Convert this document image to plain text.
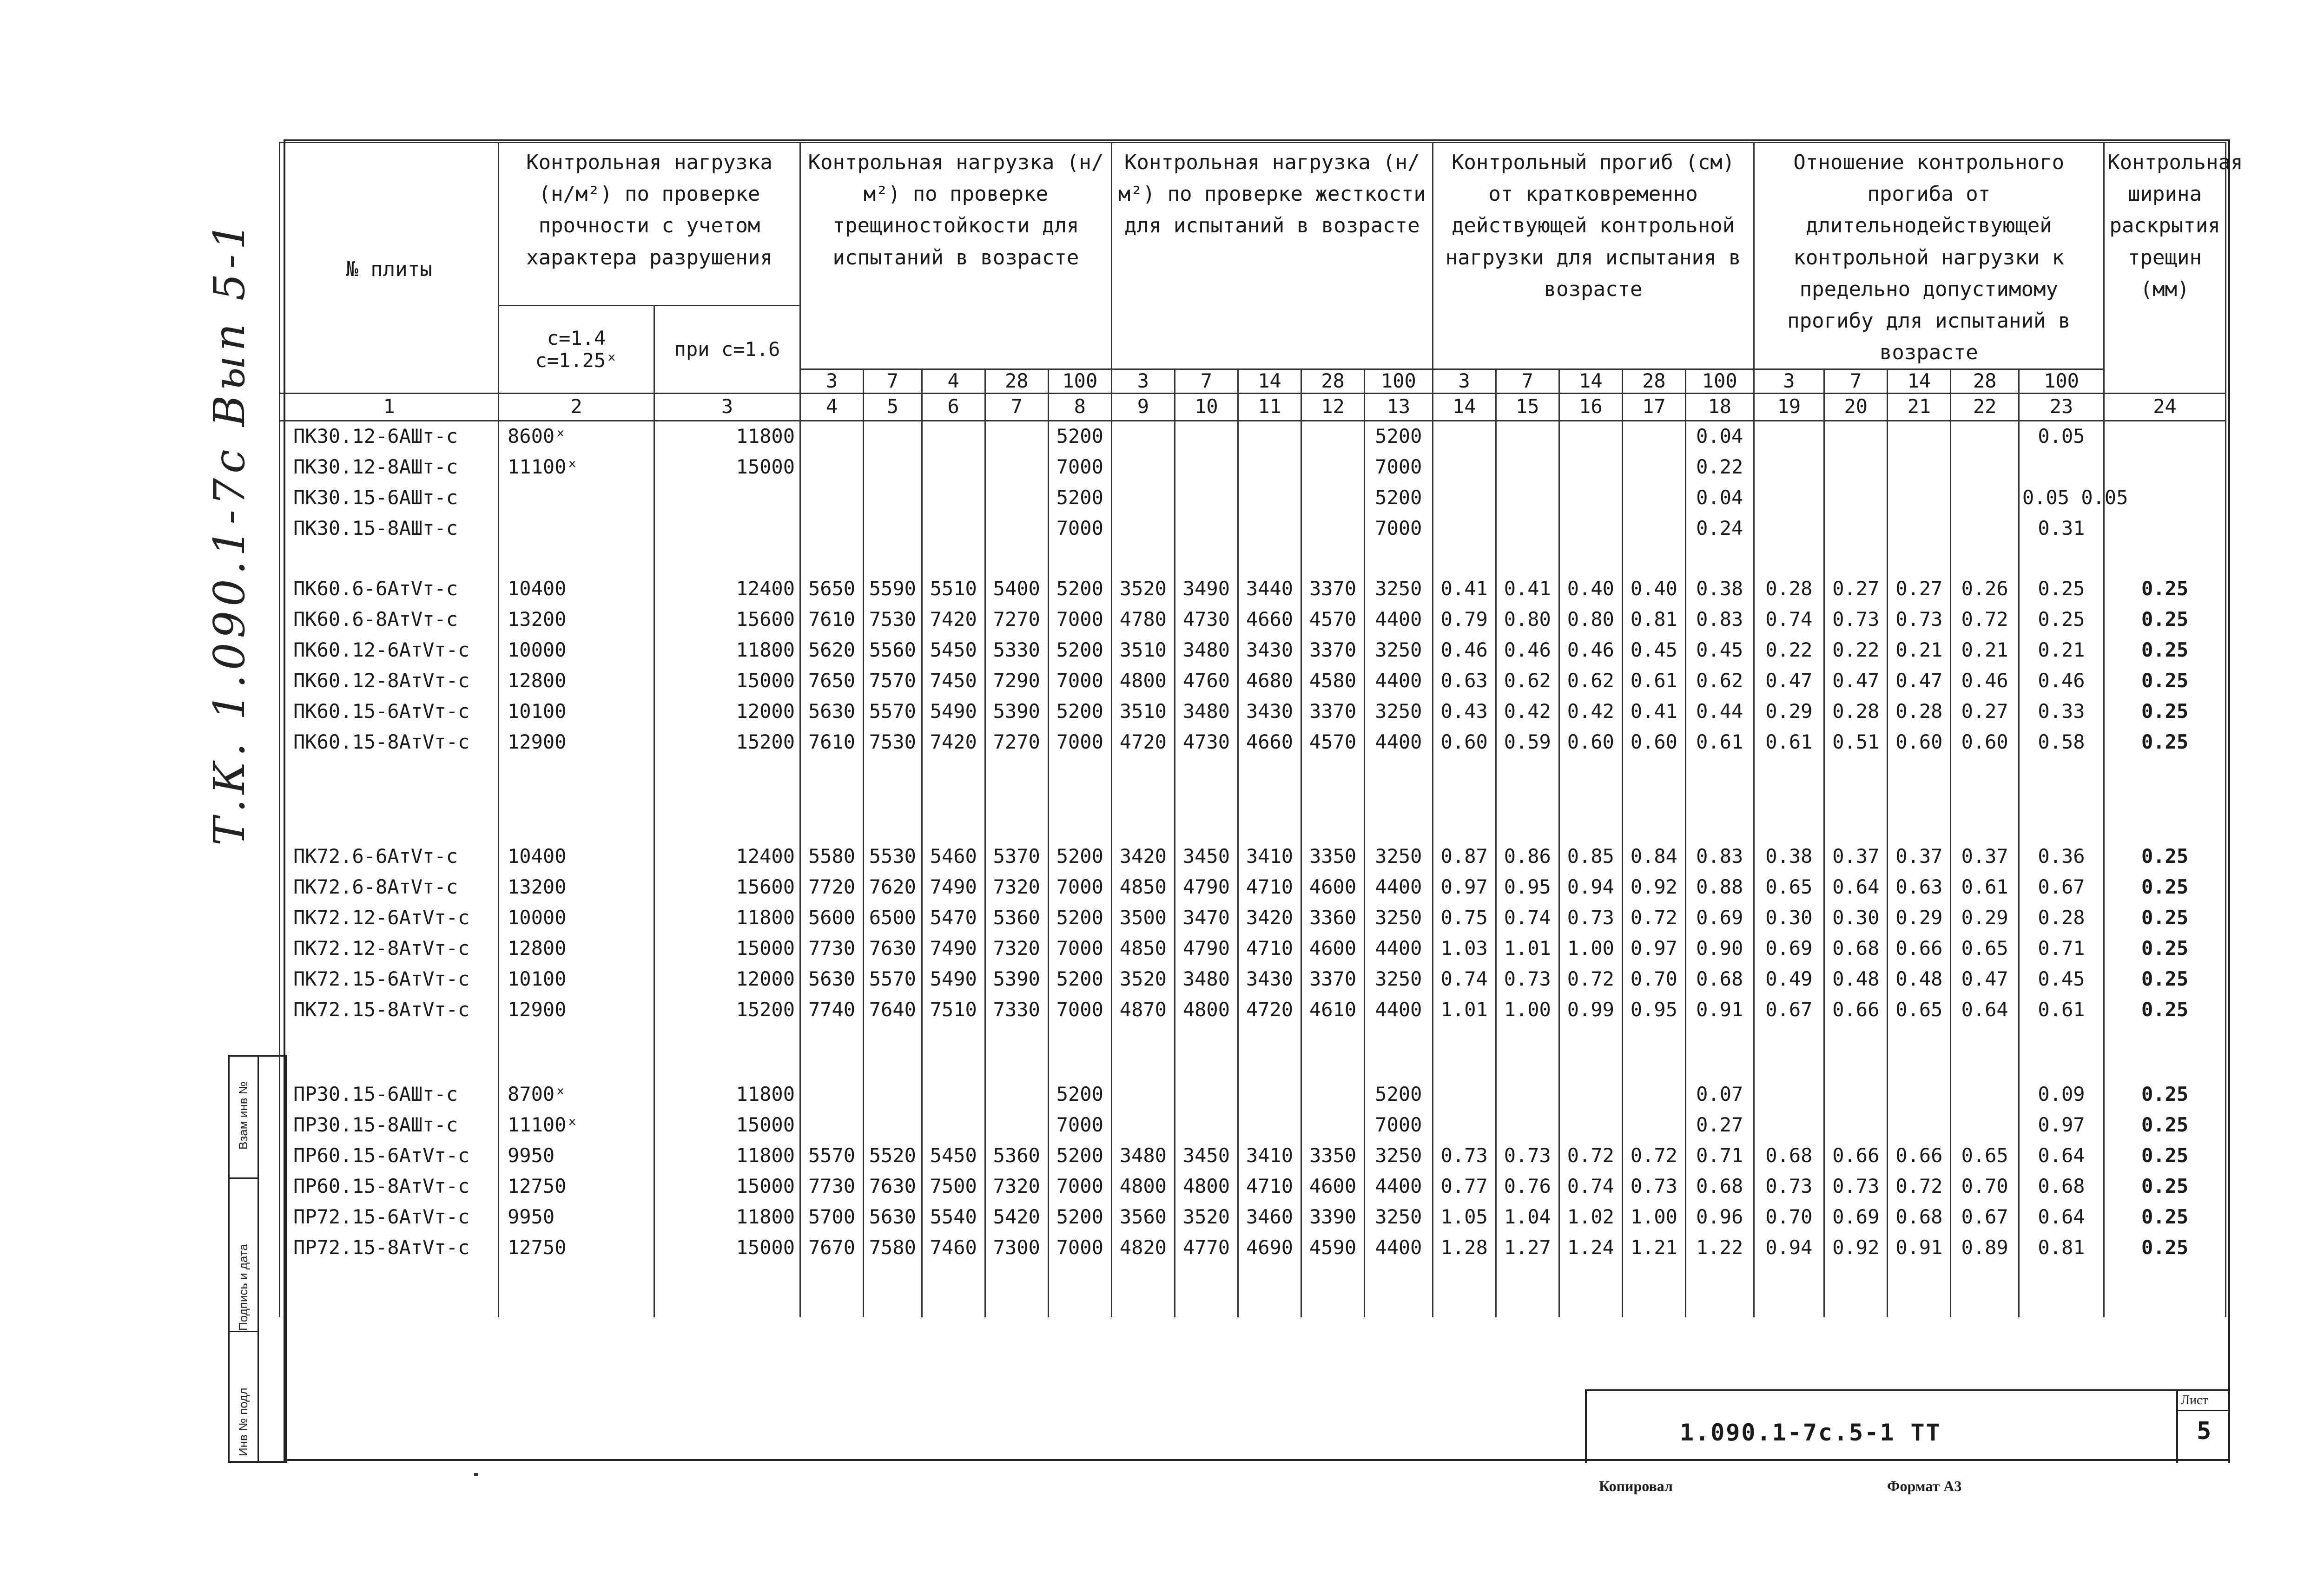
Т.К. 1.090.1-7с Вып 5-1
Инв № подл
Подпись и дата
Взам инв №
№ плиты	Контрольная нагрузка (н/м²) по проверке прочности с учетом характера разрушения		Контрольная нагрузка (н/м²) по проверке трещиностойкости для испытаний в возрасте					Контрольная нагрузка (н/м²) по проверке жесткости для испытаний в возрасте					Контрольный прогиб (см) от кратковременно действующей контрольной нагрузки для испытания в возрасте					Отношение контрольного прогиба от длительнодействующей контрольной нагрузки к предельно допустимому прогибу для испытаний в возрасте					Контрольная ширина раскрытия трещин (мм)
	с=1.4 с=1.25ˣ	при с=1.6																					
			3	7	4	28	100	3	7	14	28	100	3	7	14	28	100	3	7	14	28	100	
1	2	3	4	5	6	7	8	9	10	11	12	13	14	15	16	17	18	19	20	21	22	23	24
ПК30.12-6АШт-с	8600ˣ	11800					5200					5200					0.04					0.05	
ПК30.12-8АШт-с	11100ˣ	15000					7000					7000					0.22						
ПК30.15-6АШт-с							5200					5200					0.04					0.05 0.05	
ПК30.15-8АШт-с							7000					7000					0.24					0.31	

ПК60.6-6АтVт-с	10400	12400	5650	5590	5510	5400	5200	3520	3490	3440	3370	3250	0.41	0.41	0.40	0.40	0.38	0.28	0.27	0.27	0.26	0.25	0.25
ПК60.6-8АтVт-с	13200	15600	7610	7530	7420	7270	7000	4780	4730	4660	4570	4400	0.79	0.80	0.80	0.81	0.83	0.74	0.73	0.73	0.72	0.25	0.25
ПК60.12-6АтVт-с	10000	11800	5620	5560	5450	5330	5200	3510	3480	3430	3370	3250	0.46	0.46	0.46	0.45	0.45	0.22	0.22	0.21	0.21	0.21	0.25
ПК60.12-8АтVт-с	12800	15000	7650	7570	7450	7290	7000	4800	4760	4680	4580	4400	0.63	0.62	0.62	0.61	0.62	0.47	0.47	0.47	0.46	0.46	0.25
ПК60.15-6АтVт-с	10100	12000	5630	5570	5490	5390	5200	3510	3480	3430	3370	3250	0.43	0.42	0.42	0.41	0.44	0.29	0.28	0.28	0.27	0.33	0.25
ПК60.15-8АтVт-с	12900	15200	7610	7530	7420	7270	7000	4720	4730	4660	4570	4400	0.60	0.59	0.60	0.60	0.61	0.61	0.51	0.60	0.60	0.58	0.25

ПК72.6-6АтVт-с	10400	12400	5580	5530	5460	5370	5200	3420	3450	3410	3350	3250	0.87	0.86	0.85	0.84	0.83	0.38	0.37	0.37	0.37	0.36	0.25
ПК72.6-8АтVт-с	13200	15600	7720	7620	7490	7320	7000	4850	4790	4710	4600	4400	0.97	0.95	0.94	0.92	0.88	0.65	0.64	0.63	0.61	0.67	0.25
ПК72.12-6АтVт-с	10000	11800	5600	6500	5470	5360	5200	3500	3470	3420	3360	3250	0.75	0.74	0.73	0.72	0.69	0.30	0.30	0.29	0.29	0.28	0.25
ПК72.12-8АтVт-с	12800	15000	7730	7630	7490	7320	7000	4850	4790	4710	4600	4400	1.03	1.01	1.00	0.97	0.90	0.69	0.68	0.66	0.65	0.71	0.25
ПК72.15-6АтVт-с	10100	12000	5630	5570	5490	5390	5200	3520	3480	3430	3370	3250	0.74	0.73	0.72	0.70	0.68	0.49	0.48	0.48	0.47	0.45	0.25
ПК72.15-8АтVт-с	12900	15200	7740	7640	7510	7330	7000	4870	4800	4720	4610	4400	1.01	1.00	0.99	0.95	0.91	0.67	0.66	0.65	0.64	0.61	0.25

ПР30.15-6АШт-с	8700ˣ	11800					5200					5200					0.07					0.09	0.25
ПР30.15-8АШт-с	11100ˣ	15000					7000					7000					0.27					0.97	0.25
ПР60.15-6АтVт-с	9950	11800	5570	5520	5450	5360	5200	3480	3450	3410	3350	3250	0.73	0.73	0.72	0.72	0.71	0.68	0.66	0.66	0.65	0.64	0.25
ПР60.15-8АтVт-с	12750	15000	7730	7630	7500	7320	7000	4800	4800	4710	4600	4400	0.77	0.76	0.74	0.73	0.68	0.73	0.73	0.72	0.70	0.68	0.25
ПР72.15-6АтVт-с	9950	11800	5700	5630	5540	5420	5200	3560	3520	3460	3390	3250	1.05	1.04	1.02	1.00	0.96	0.70	0.69	0.68	0.67	0.64	0.25
ПР72.15-8АтVт-с	12750	15000	7670	7580	7460	7300	7000	4820	4770	4690	4590	4400	1.28	1.27	1.24	1.21	1.22	0.94	0.92	0.91	0.89	0.81	0.25

1.090.1-7с.5-1 ТТ
Лист
5
Копировал	Формат А3
